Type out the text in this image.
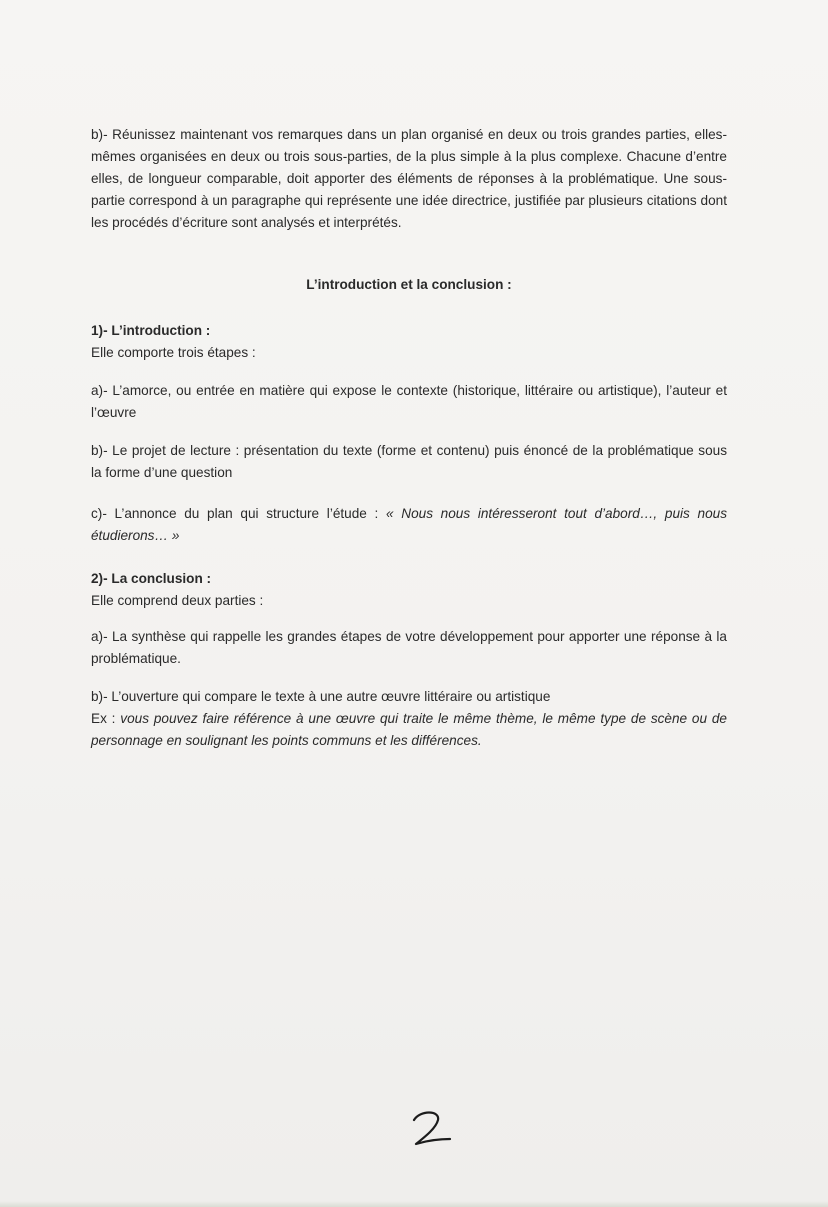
b)- Réunissez maintenant vos remarques dans un plan organisé en deux ou trois grandes parties, elles-mêmes organisées en deux ou trois sous-parties, de la plus simple à la plus complexe. Chacune d’entre elles, de longueur comparable, doit apporter des éléments de réponses à la problématique. Une sous-partie correspond à un paragraphe qui représente une idée directrice, justifiée par plusieurs citations dont les procédés d’écriture sont analysés et interprétés.

L’introduction et la conclusion :

1)- L’introduction :

Elle comporte trois étapes :

a)- L’amorce, ou entrée en matière qui expose le contexte (historique, littéraire ou artistique), l’auteur et l’œuvre

b)- Le projet de lecture : présentation du texte (forme et contenu) puis énoncé de la problématique sous la forme d’une question

c)- L’annonce du plan qui structure l’étude : « Nous nous intéresseront tout d’abord…, puis nous étudierons… »

2)- La conclusion :

Elle comprend deux parties :

a)- La synthèse qui rappelle les grandes étapes de votre développement pour apporter une réponse à la problématique.

b)- L’ouverture qui compare le texte à une autre œuvre littéraire ou artistique

Ex : vous pouvez faire référence à une œuvre qui traite le même thème, le même type de scène ou de personnage en soulignant les points communs et les différences.
